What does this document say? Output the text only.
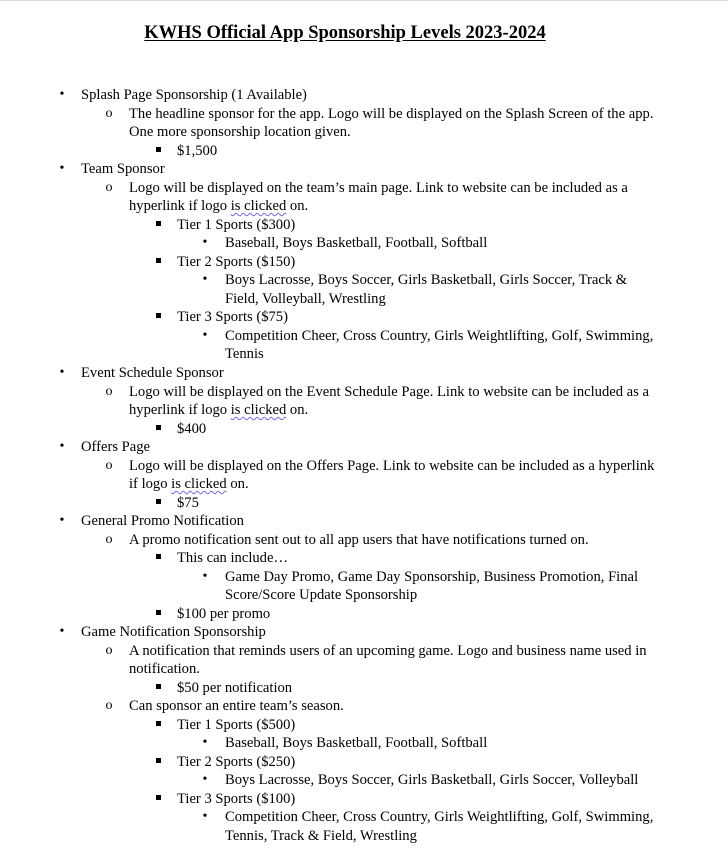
KWHS Official App Sponsorship Levels 2023-2024
•	Splash Page Sponsorship (1 Available)
o The headline sponsor for the app. Logo will be displayed on the Splash Screen of the app.
One more sponsorship location given.
$1,500
•	Team Sponsor
o Logo will be displayed on the team’s main page. Link to website can be included as a
hyperlink if logo is clicked on.
Tier 1 Sports ($300)
•	Baseball, Boys Basketball, Football, Softball
Tier 2 Sports ($150)
•	Boys Lacrosse, Boys Soccer, Girls Basketball, Girls Soccer, Track &
Field, Volleyball, Wrestling
Tier 3 Sports ($75)
•	Competition Cheer, Cross Country, Girls Weightlifting, Golf, Swimming,
Tennis
•	Event Schedule Sponsor
o Logo will be displayed on the Event Schedule Page. Link to website can be included as a
hyperlink if logo is clicked on.
$400
•	Offers Page
o Logo will be displayed on the Offers Page. Link to website can be included as a hyperlink
if logo is clicked on.
$75
•	General Promo Notification
o A promo notification sent out to all app users that have notifications turned on.
This can include…
•	Game Day Promo, Game Day Sponsorship, Business Promotion, Final
Score/Score Update Sponsorship
$100 per promo
•	Game Notification Sponsorship
o A notification that reminds users of an upcoming game. Logo and business name used in
notification.
$50 per notification
o Can sponsor an entire team’s season.
Tier 1 Sports ($500)
•	Baseball, Boys Basketball, Football, Softball
Tier 2 Sports ($250)
•	Boys Lacrosse, Boys Soccer, Girls Basketball, Girls Soccer, Volleyball
Tier 3 Sports ($100)
•	Competition Cheer, Cross Country, Girls Weightlifting, Golf, Swimming,
Tennis, Track & Field, Wrestling
